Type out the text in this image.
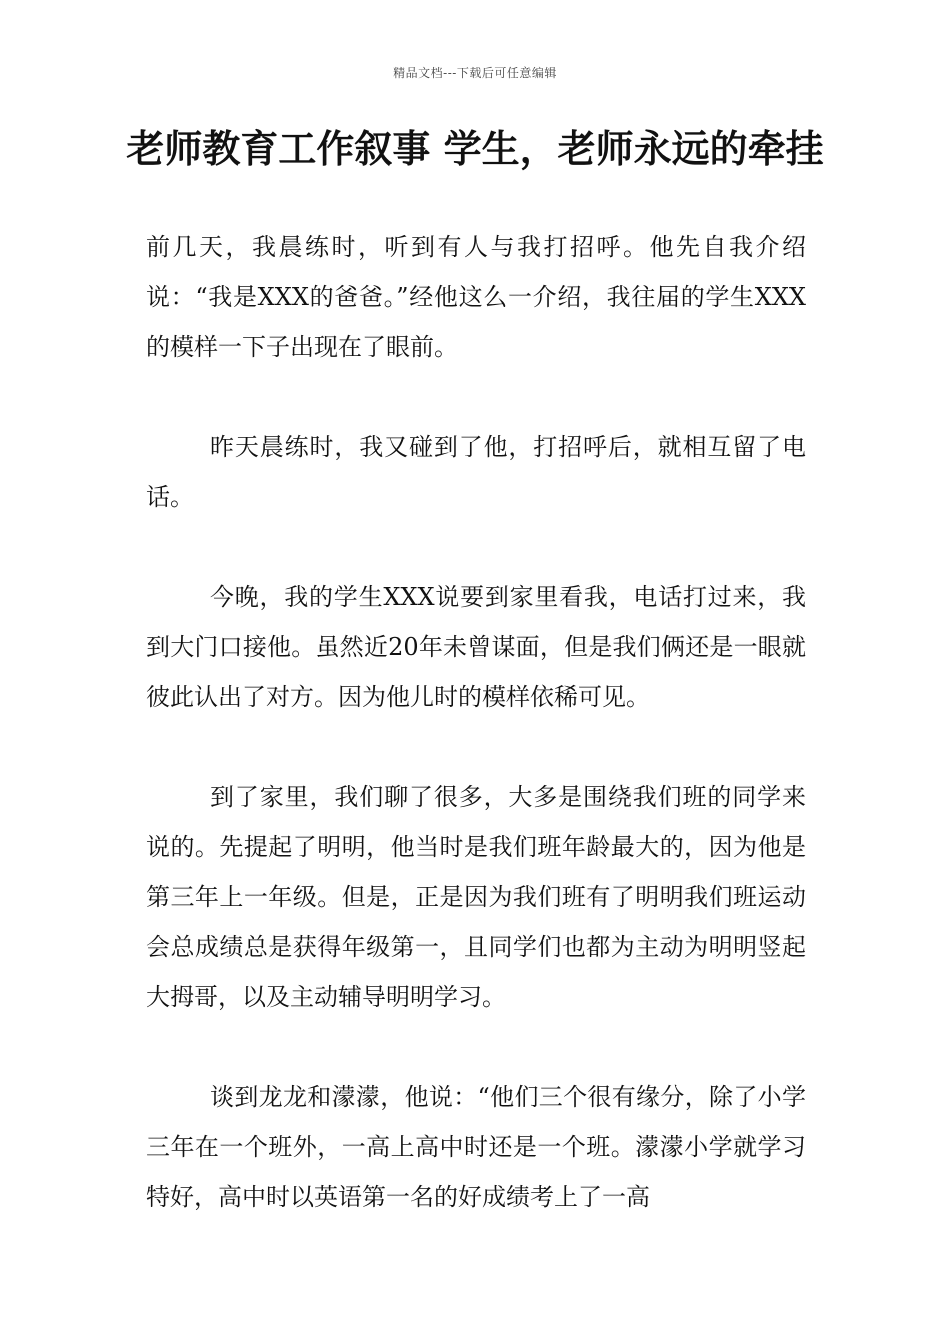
精品文档---下载后可任意编辑
老师教育工作叙事 学生，老师永远的牵挂

前几天，我晨练时，听到有人与我打招呼。他先自我介绍说：“我是XXX的爸爸。”经他这么一介绍，我往届的学生XXX的模样一下子出现在了眼前。

昨天晨练时，我又碰到了他，打招呼后，就相互留了电话。

今晚，我的学生XXX说要到家里看我，电话打过来，我到大门口接他。虽然近20年未曾谋面，但是我们俩还是一眼就彼此认出了对方。因为他儿时的模样依稀可见。

到了家里，我们聊了很多，大多是围绕我们班的同学来说的。先提起了明明，他当时是我们班年龄最大的，因为他是第三年上一年级。但是，正是因为我们班有了明明我们班运动会总成绩总是获得年级第一，且同学们也都为主动为明明竖起大拇哥，以及主动辅导明明学习。

谈到龙龙和濛濛，他说：“他们三个很有缘分，除了小学三年在一个班外，一高上高中时还是一个班。濛濛小学就学习特好，高中时以英语第一名的好成绩考上了一高
